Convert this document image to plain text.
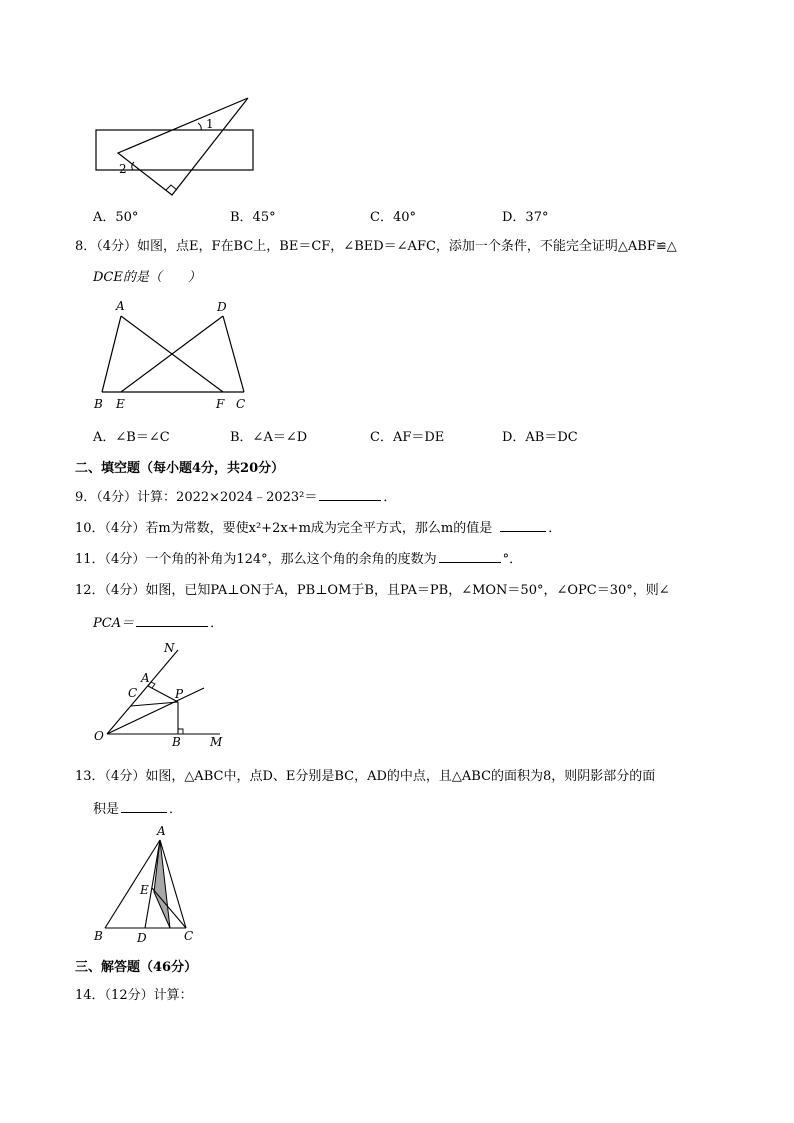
1
2
A．50°	B．45°	C．40°	D．37°
8．（4分）如图，点E，F在BC上，BE＝CF，∠BED＝∠AFC，添加一个条件，不能完全证明△ABF≌△
DCE的是（　　）
A	D
B E	F C
A．∠B＝∠C	B．∠A＝∠D	C．AF＝DE	D．AB＝DC
二、填空题（每小题4分，共20分）
9．（4分）计算：2022×2024﹣2023²＝	．
10．（4分）若m为常数，要使x²+2x+m成为完全平方式，那么m的值是	．
11．（4分）一个角的补角为124°，那么这个角的余角的度数为	°．
12．（4分）如图，已知PA⊥ON于A，PB⊥OM于B，且PA＝PB，∠MON＝50°，∠OPC＝30°，则∠
PCA＝	．
N
A
C	P
O	B M
13．（4分）如图，△ABC中，点D、E分别是BC，AD的中点，且△ABC的面积为8，则阴影部分的面
积是	．
A
E
B	D	C
三、解答题（46分）
14．（12分）计算：
